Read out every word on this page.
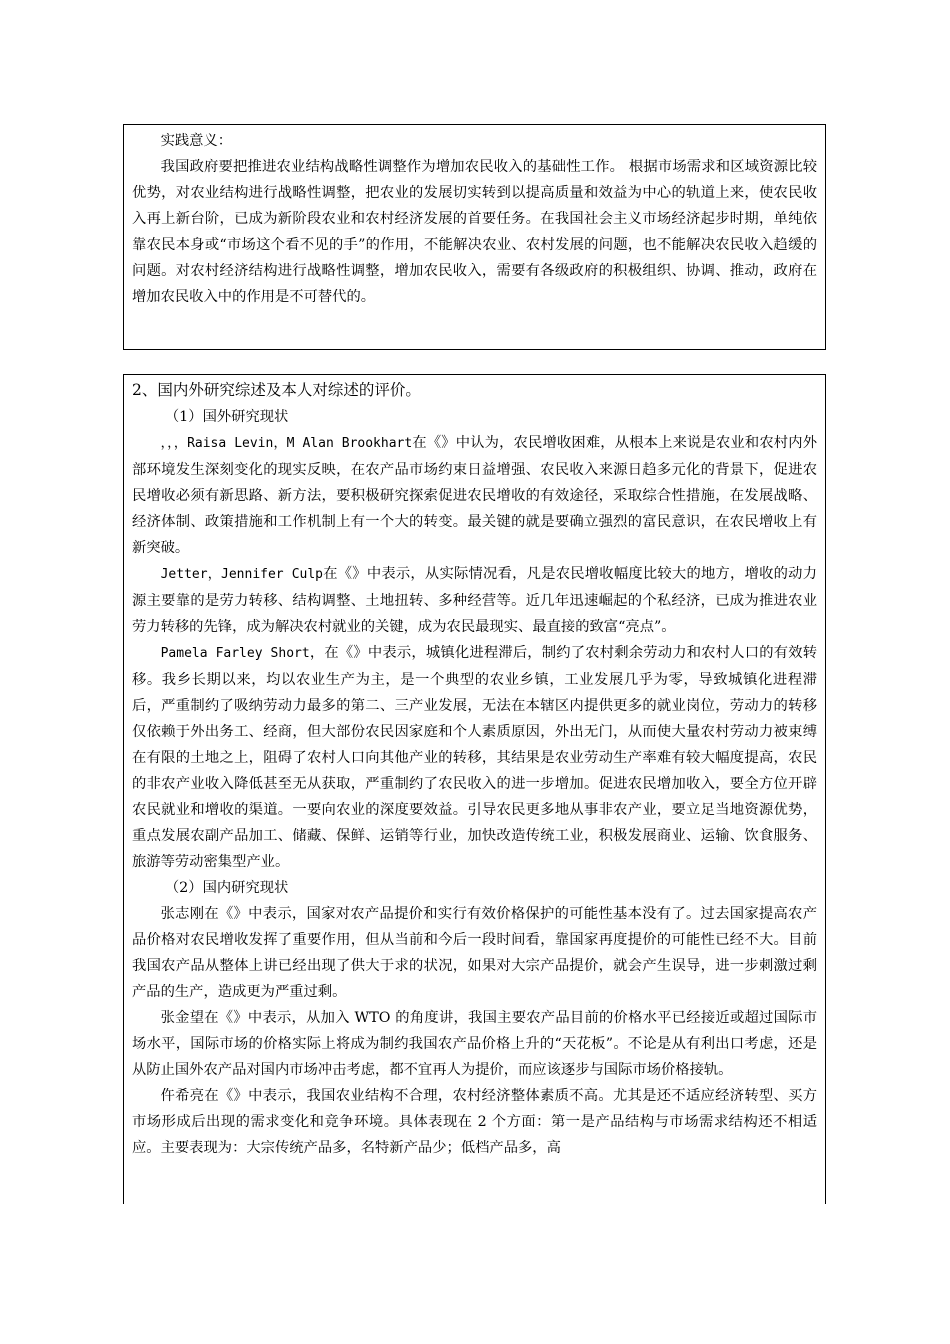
实践意义：

我国政府要把推进农业结构战略性调整作为增加农民收入的基础性工作。 根据市场需求和区域资源比较优势，对农业结构进行战略性调整，把农业的发展切实转到以提高质量和效益为中心的轨道上来，使农民收入再上新台阶，已成为新阶段农业和农村经济发展的首要任务。在我国社会主义市场经济起步时期，单纯依靠农民本身或“市场这个看不见的手”的作用，不能解决农业、农村发展的问题，也不能解决农民收入趋缓的问题。对农村经济结构进行战略性调整，增加农民收入，需要有各级政府的积极组织、协调、推动，政府在增加农民收入中的作用是不可替代的。

2、国内外研究综述及本人对综述的评价。

（1）国外研究现状

，，，Raisa Levin，M Alan Brookhart在《》中认为，农民增收困难，从根本上来说是农业和农村内外部环境发生深刻变化的现实反映，在农产品市场约束日益增强、农民收入来源日趋多元化的背景下，促进农民增收必须有新思路、新方法，要积极研究探索促进农民增收的有效途径，采取综合性措施，在发展战略、经济体制、政策措施和工作机制上有一个大的转变。最关键的就是要确立强烈的富民意识，在农民增收上有新突破。

Jetter，Jennifer Culp在《》中表示，从实际情况看，凡是农民增收幅度比较大的地方，增收的动力源主要靠的是劳力转移、结构调整、土地扭转、多种经营等。近几年迅速崛起的个私经济，已成为推进农业劳力转移的先锋，成为解决农村就业的关键，成为农民最现实、最直接的致富“亮点”。

Pamela Farley Short，在《》中表示，城镇化进程滞后，制约了农村剩余劳动力和农村人口的有效转移。我乡长期以来，均以农业生产为主，是一个典型的农业乡镇，工业发展几乎为零，导致城镇化进程滞后，严重制约了吸纳劳动力最多的第二、三产业发展，无法在本辖区内提供更多的就业岗位，劳动力的转移仅依赖于外出务工、经商，但大部份农民因家庭和个人素质原因，外出无门，从而使大量农村劳动力被束缚在有限的土地之上，阻碍了农村人口向其他产业的转移，其结果是农业劳动生产率难有较大幅度提高，农民的非农产业收入降低甚至无从获取，严重制约了农民收入的进一步增加。促进农民增加收入，要全方位开辟农民就业和增收的渠道。一要向农业的深度要效益。引导农民更多地从事非农产业，要立足当地资源优势，重点发展农副产品加工、储藏、保鲜、运销等行业，加快改造传统工业，积极发展商业、运输、饮食服务、旅游等劳动密集型产业。

（2）国内研究现状

张志刚在《》中表示，国家对农产品提价和实行有效价格保护的可能性基本没有了。过去国家提高农产品价格对农民增收发挥了重要作用，但从当前和今后一段时间看，靠国家再度提价的可能性已经不大。目前我国农产品从整体上讲已经出现了供大于求的状况，如果对大宗产品提价，就会产生误导，进一步刺激过剩产品的生产，造成更为严重过剩。

张金望在《》中表示，从加入 WTO 的角度讲，我国主要农产品目前的价格水平已经接近或超过国际市场水平，国际市场的价格实际上将成为制约我国农产品价格上升的“天花板”。不论是从有利出口考虑，还是从防止国外农产品对国内市场冲击考虑，都不宜再人为提价，而应该逐步与国际市场价格接轨。

仵希亮在《》中表示，我国农业结构不合理，农村经济整体素质不高。尤其是还不适应经济转型、买方市场形成后出现的需求变化和竞争环境。具体表现在 2 个方面：第一是产品结构与市场需求结构还不相适应。主要表现为：大宗传统产品多，名特新产品少；低档产品多，高
